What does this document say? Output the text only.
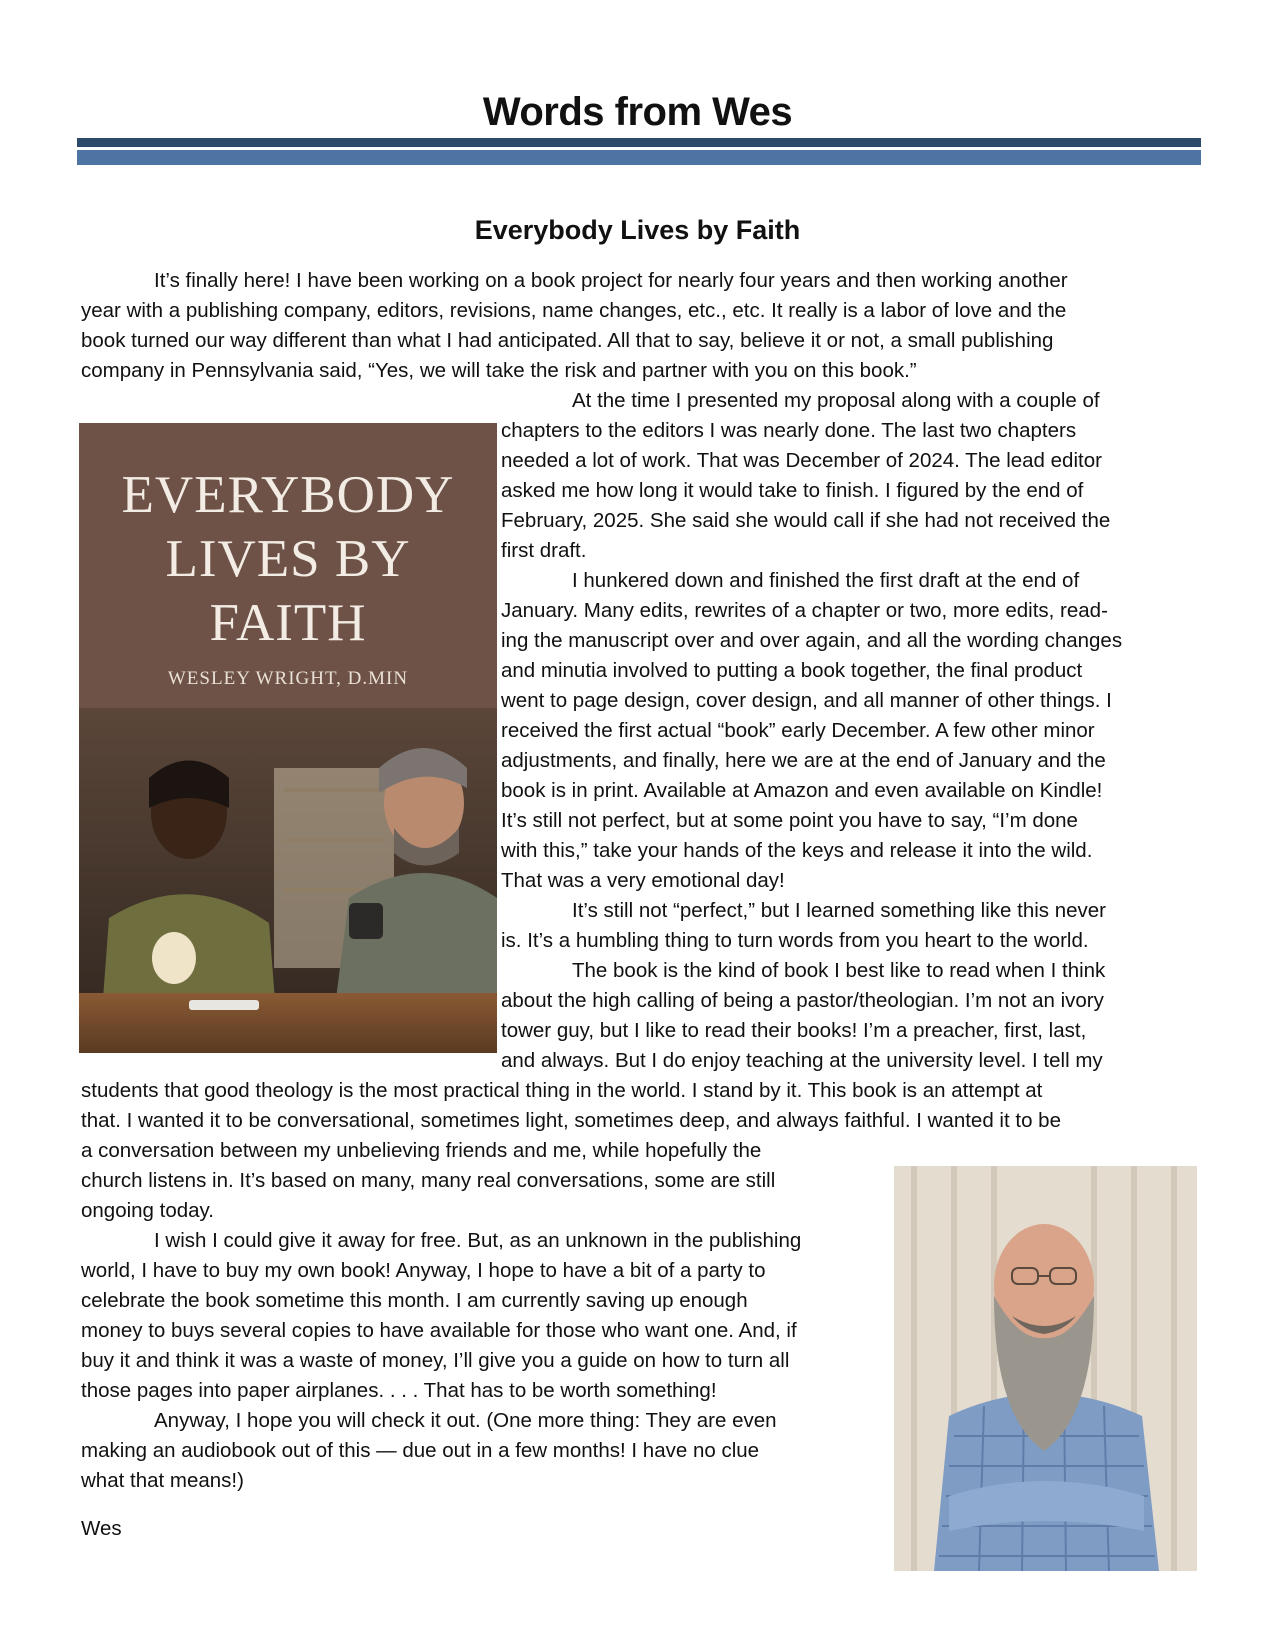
Words from Wes
Everybody Lives by Faith
It’s finally here! I have been working on a book project for nearly four years and then working another
year with a publishing company, editors, revisions, name changes, etc., etc. It really is a labor of love and the
book turned our way different than what I had anticipated. All that to say, believe it or not, a small publishing
company in Pennsylvania said, “Yes, we will take the risk and partner with you on this book.”
At the time I presented my proposal along with a couple of
chapters to the editors I was nearly done. The last two chapters
needed a lot of work. That was December of 2024. The lead editor
asked me how long it would take to finish. I figured by the end of
February, 2025. She said she would call if she had not received the
first draft.
I hunkered down and finished the first draft at the end of
January. Many edits, rewrites of a chapter or two, more edits, read-
ing the manuscript over and over again, and all the wording changes
and minutia involved to putting a book together, the final product
went to page design, cover design, and all manner of other things. I
received the first actual “book” early December. A few other minor
adjustments, and finally, here we are at the end of January and the
book is in print. Available at Amazon and even available on Kindle!
It’s still not perfect, but at some point you have to say, “I’m done
with this,” take your hands of the keys and release it into the wild.
That was a very emotional day!
It’s still not “perfect,” but I learned something like this never
is. It’s a humbling thing to turn words from you heart to the world.
The book is the kind of book I best like to read when I think
about the high calling of being a pastor/theologian. I’m not an ivory
tower guy, but I like to read their books! I’m a preacher, first, last,
and always. But I do enjoy teaching at the university level. I tell my
students that good theology is the most practical thing in the world. I stand by it. This book is an attempt at
that. I wanted it to be conversational, sometimes light, sometimes deep, and always faithful. I wanted it to be
a conversation between my unbelieving friends and me, while hopefully the
church listens in. It’s based on many, many real conversations, some are still
ongoing today.
I wish I could give it away for free. But, as an unknown in the publishing
world, I have to buy my own book! Anyway, I hope to have a bit of a party to
celebrate the book sometime this month. I am currently saving up enough
money to buys several copies to have available for those who want one. And, if
buy it and think it was a waste of money, I’ll give you a guide on how to turn all
those pages into paper airplanes. . . . That has to be worth something!
Anyway, I hope you will check it out. (One more thing: They are even
making an audiobook out of this — due out in a few months! I have no clue
what that means!)
Wes
EVERYBODY
LIVES BY
FAITH
WESLEY WRIGHT, D.MIN
